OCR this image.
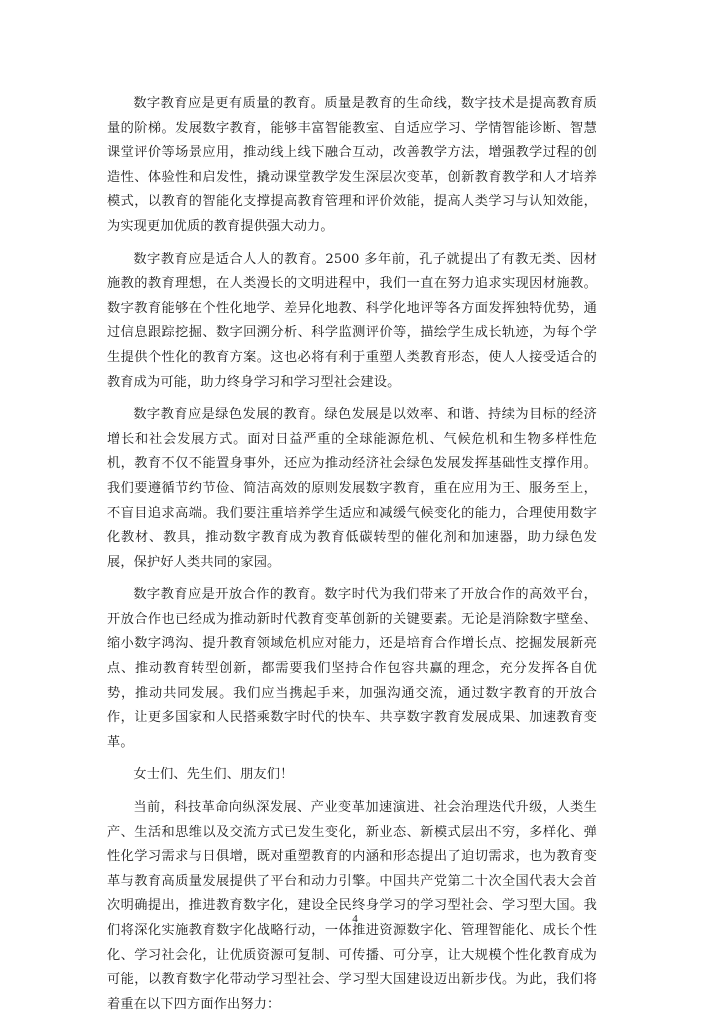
数字教育应是更有质量的教育。质量是教育的生命线，数字技术是提高教育质量的阶梯。发展数字教育，能够丰富智能教室、自适应学习、学情智能诊断、智慧课堂评价等场景应用，推动线上线下融合互动，改善教学方法，增强教学过程的创造性、体验性和启发性，撬动课堂教学发生深层次变革，创新教育教学和人才培养模式，以教育的智能化支撑提高教育管理和评价效能，提高人类学习与认知效能，为实现更加优质的教育提供强大动力。

数字教育应是适合人人的教育。2500 多年前，孔子就提出了有教无类、因材施教的教育理想，在人类漫长的文明进程中，我们一直在努力追求实现因材施教。数字教育能够在个性化地学、差异化地教、科学化地评等各方面发挥独特优势，通过信息跟踪挖掘、数字回溯分析、科学监测评价等，描绘学生成长轨迹，为每个学生提供个性化的教育方案。这也必将有利于重塑人类教育形态，使人人接受适合的教育成为可能，助力终身学习和学习型社会建设。

数字教育应是绿色发展的教育。绿色发展是以效率、和谐、持续为目标的经济增长和社会发展方式。面对日益严重的全球能源危机、气候危机和生物多样性危机，教育不仅不能置身事外，还应为推动经济社会绿色发展发挥基础性支撑作用。我们要遵循节约节俭、简洁高效的原则发展数字教育，重在应用为王、服务至上，不盲目追求高端。我们要注重培养学生适应和减缓气候变化的能力，合理使用数字化教材、教具，推动数字教育成为教育低碳转型的催化剂和加速器，助力绿色发展，保护好人类共同的家园。

数字教育应是开放合作的教育。数字时代为我们带来了开放合作的高效平台，开放合作也已经成为推动新时代教育变革创新的关键要素。无论是消除数字壁垒、缩小数字鸿沟、提升教育领域危机应对能力，还是培育合作增长点、挖掘发展新亮点、推动教育转型创新，都需要我们坚持合作包容共赢的理念，充分发挥各自优势，推动共同发展。我们应当携起手来，加强沟通交流，通过数字教育的开放合作，让更多国家和人民搭乘数字时代的快车、共享数字教育发展成果、加速教育变革。

女士们、先生们、朋友们！

当前，科技革命向纵深发展、产业变革加速演进、社会治理迭代升级，人类生产、生活和思维以及交流方式已发生变化，新业态、新模式层出不穷，多样化、弹性化学习需求与日俱增，既对重塑教育的内涵和形态提出了迫切需求，也为教育变革与教育高质量发展提供了平台和动力引擎。中国共产党第二十次全国代表大会首次明确提出，推进教育数字化，建设全民终身学习的学习型社会、学习型大国。我们将深化实施教育数字化战略行动，一体推进资源数字化、管理智能化、成长个性化、学习社会化，让优质资源可复制、可传播、可分享，让大规模个性化教育成为可能，以教育数字化带动学习型社会、学习型大国建设迈出新步伐。为此，我们将着重在以下四方面作出努力：

4
